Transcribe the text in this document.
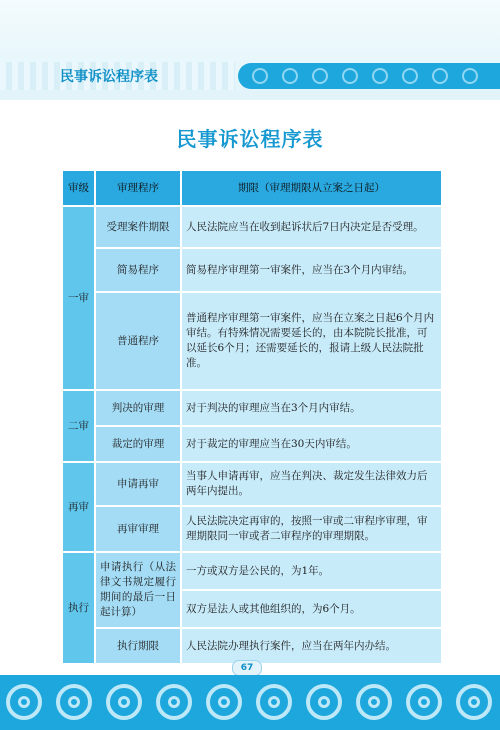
民事诉讼程序表
民事诉讼程序表
审级	审理程序	期限（审理期限从立案之日起）
一审	受理案件期限	人民法院应当在收到起诉状后7日内决定是否受理。
	简易程序	简易程序审理第一审案件，应当在3个月内审结。
	普通程序	普通程序审理第一审案件，应当在立案之日起6个月内审结。有特殊情况需要延长的，由本院院长批准，可以延长6个月；还需要延长的，报请上级人民法院批准。
二审	判决的审理	对于判决的审理应当在3个月内审结。
	裁定的审理	对于裁定的审理应当在30天内审结。
再审	申请再审	当事人申请再审，应当在判决、裁定发生法律效力后两年内提出。
	再审审理	人民法院决定再审的，按照一审或二审程序审理，审理期限同一审或者二审程序的审理期限。
执行	申请执行（从法律文书规定履行期间的最后一日起计算）	一方或双方是公民的，为1年。
		双方是法人或其他组织的，为6个月。
	执行期限	人民法院办理执行案件，应当在两年内办结。
67
